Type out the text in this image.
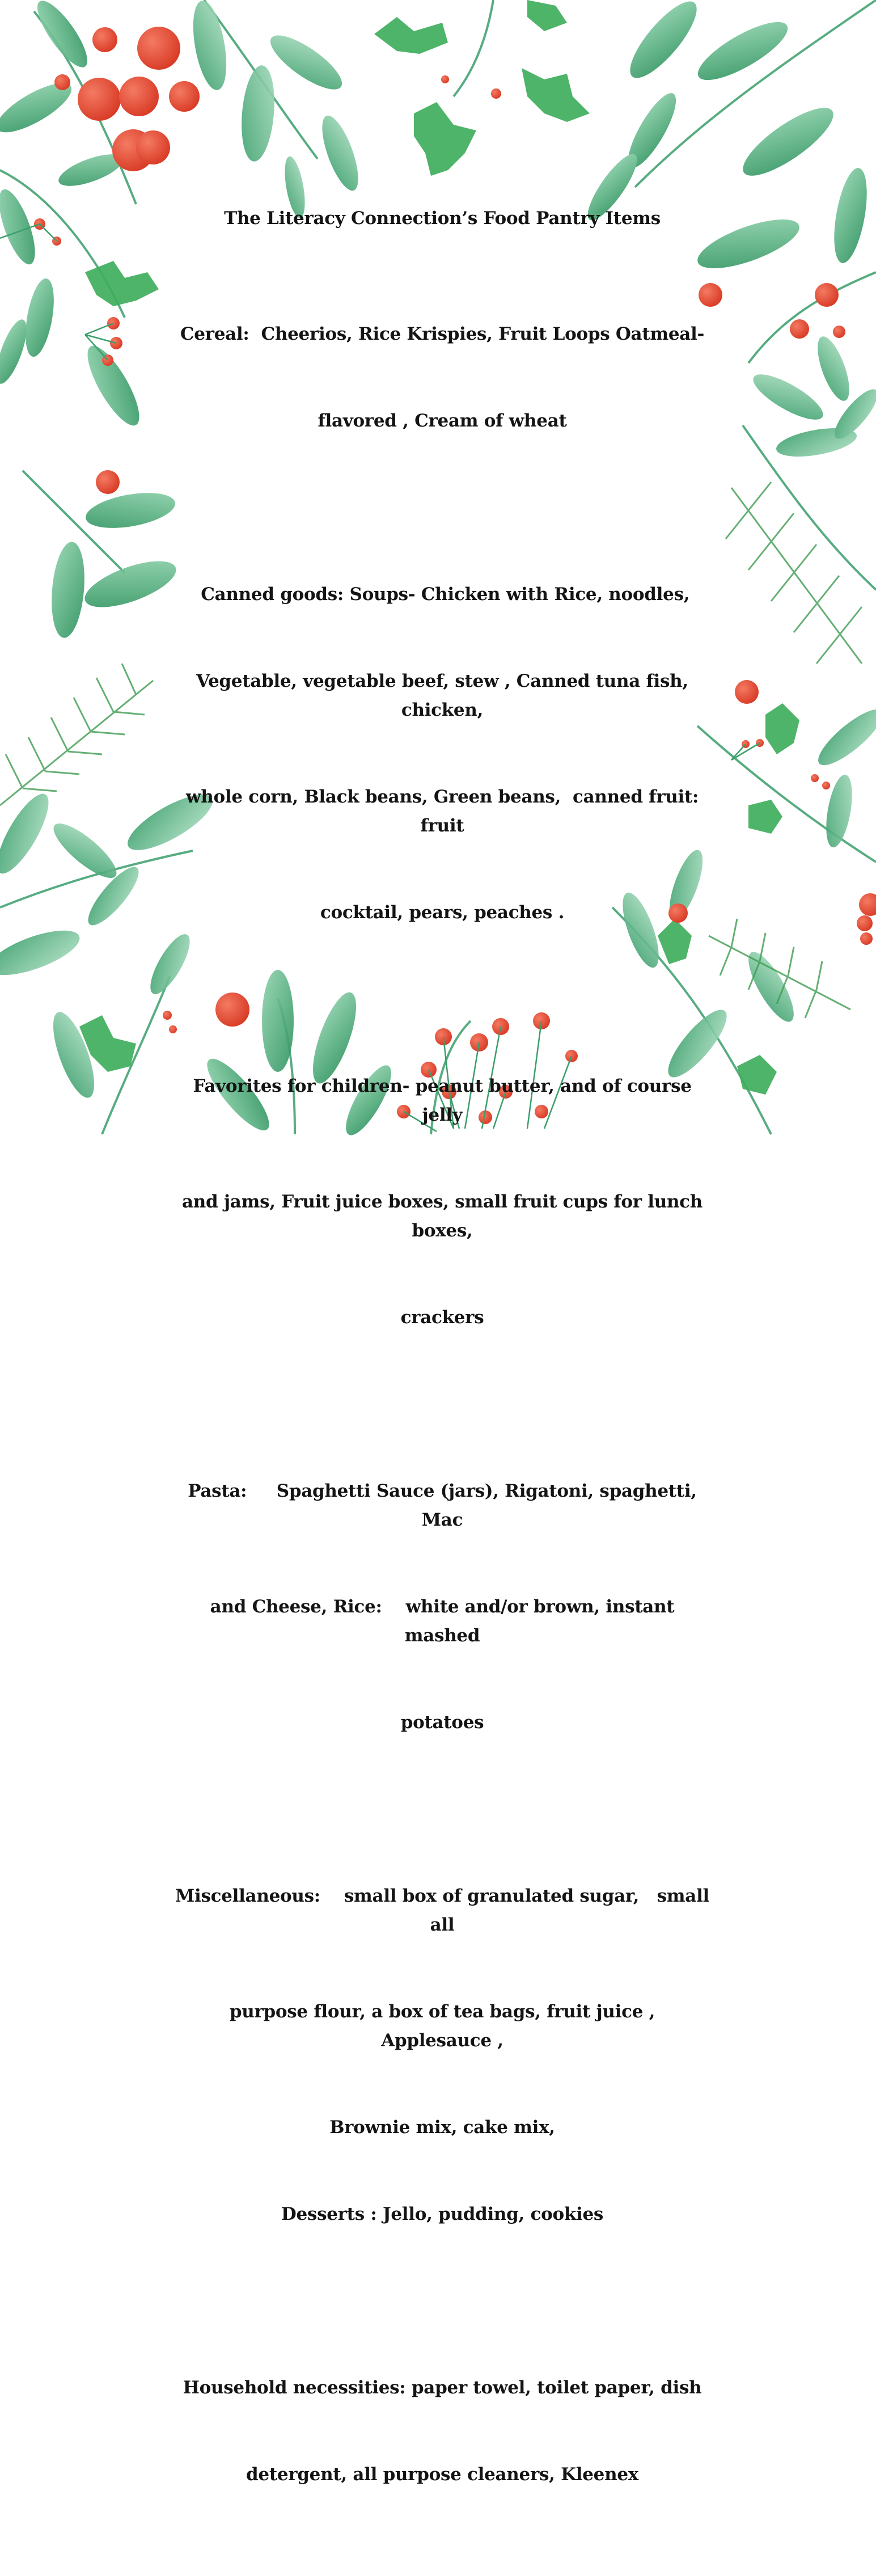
The Literacy Connection’s Food Pantry Items

Cereal:  Cheerios, Rice Krispies, Fruit Loops Oatmeal-

flavored , Cream of wheat

Canned goods: Soups- Chicken with Rice, noodles,

Vegetable, vegetable beef, stew , Canned tuna fish, chicken,

whole corn, Black beans, Green beans,  canned fruit:  fruit

cocktail, pears, peaches .

Favorites for children- peanut butter, and of course jelly

and jams, Fruit juice boxes, small fruit cups for lunch boxes,

crackers

Pasta:     Spaghetti Sauce (jars), Rigatoni, spaghetti, Mac

and Cheese, Rice:    white and/or brown, instant mashed

potatoes

Miscellaneous:    small box of granulated sugar,   small all

purpose flour, a box of tea bags, fruit juice ,  Applesauce ,

Brownie mix, cake mix,

Desserts : Jello, pudding, cookies

Household necessities: paper towel, toilet paper, dish

detergent, all purpose cleaners, Kleenex
